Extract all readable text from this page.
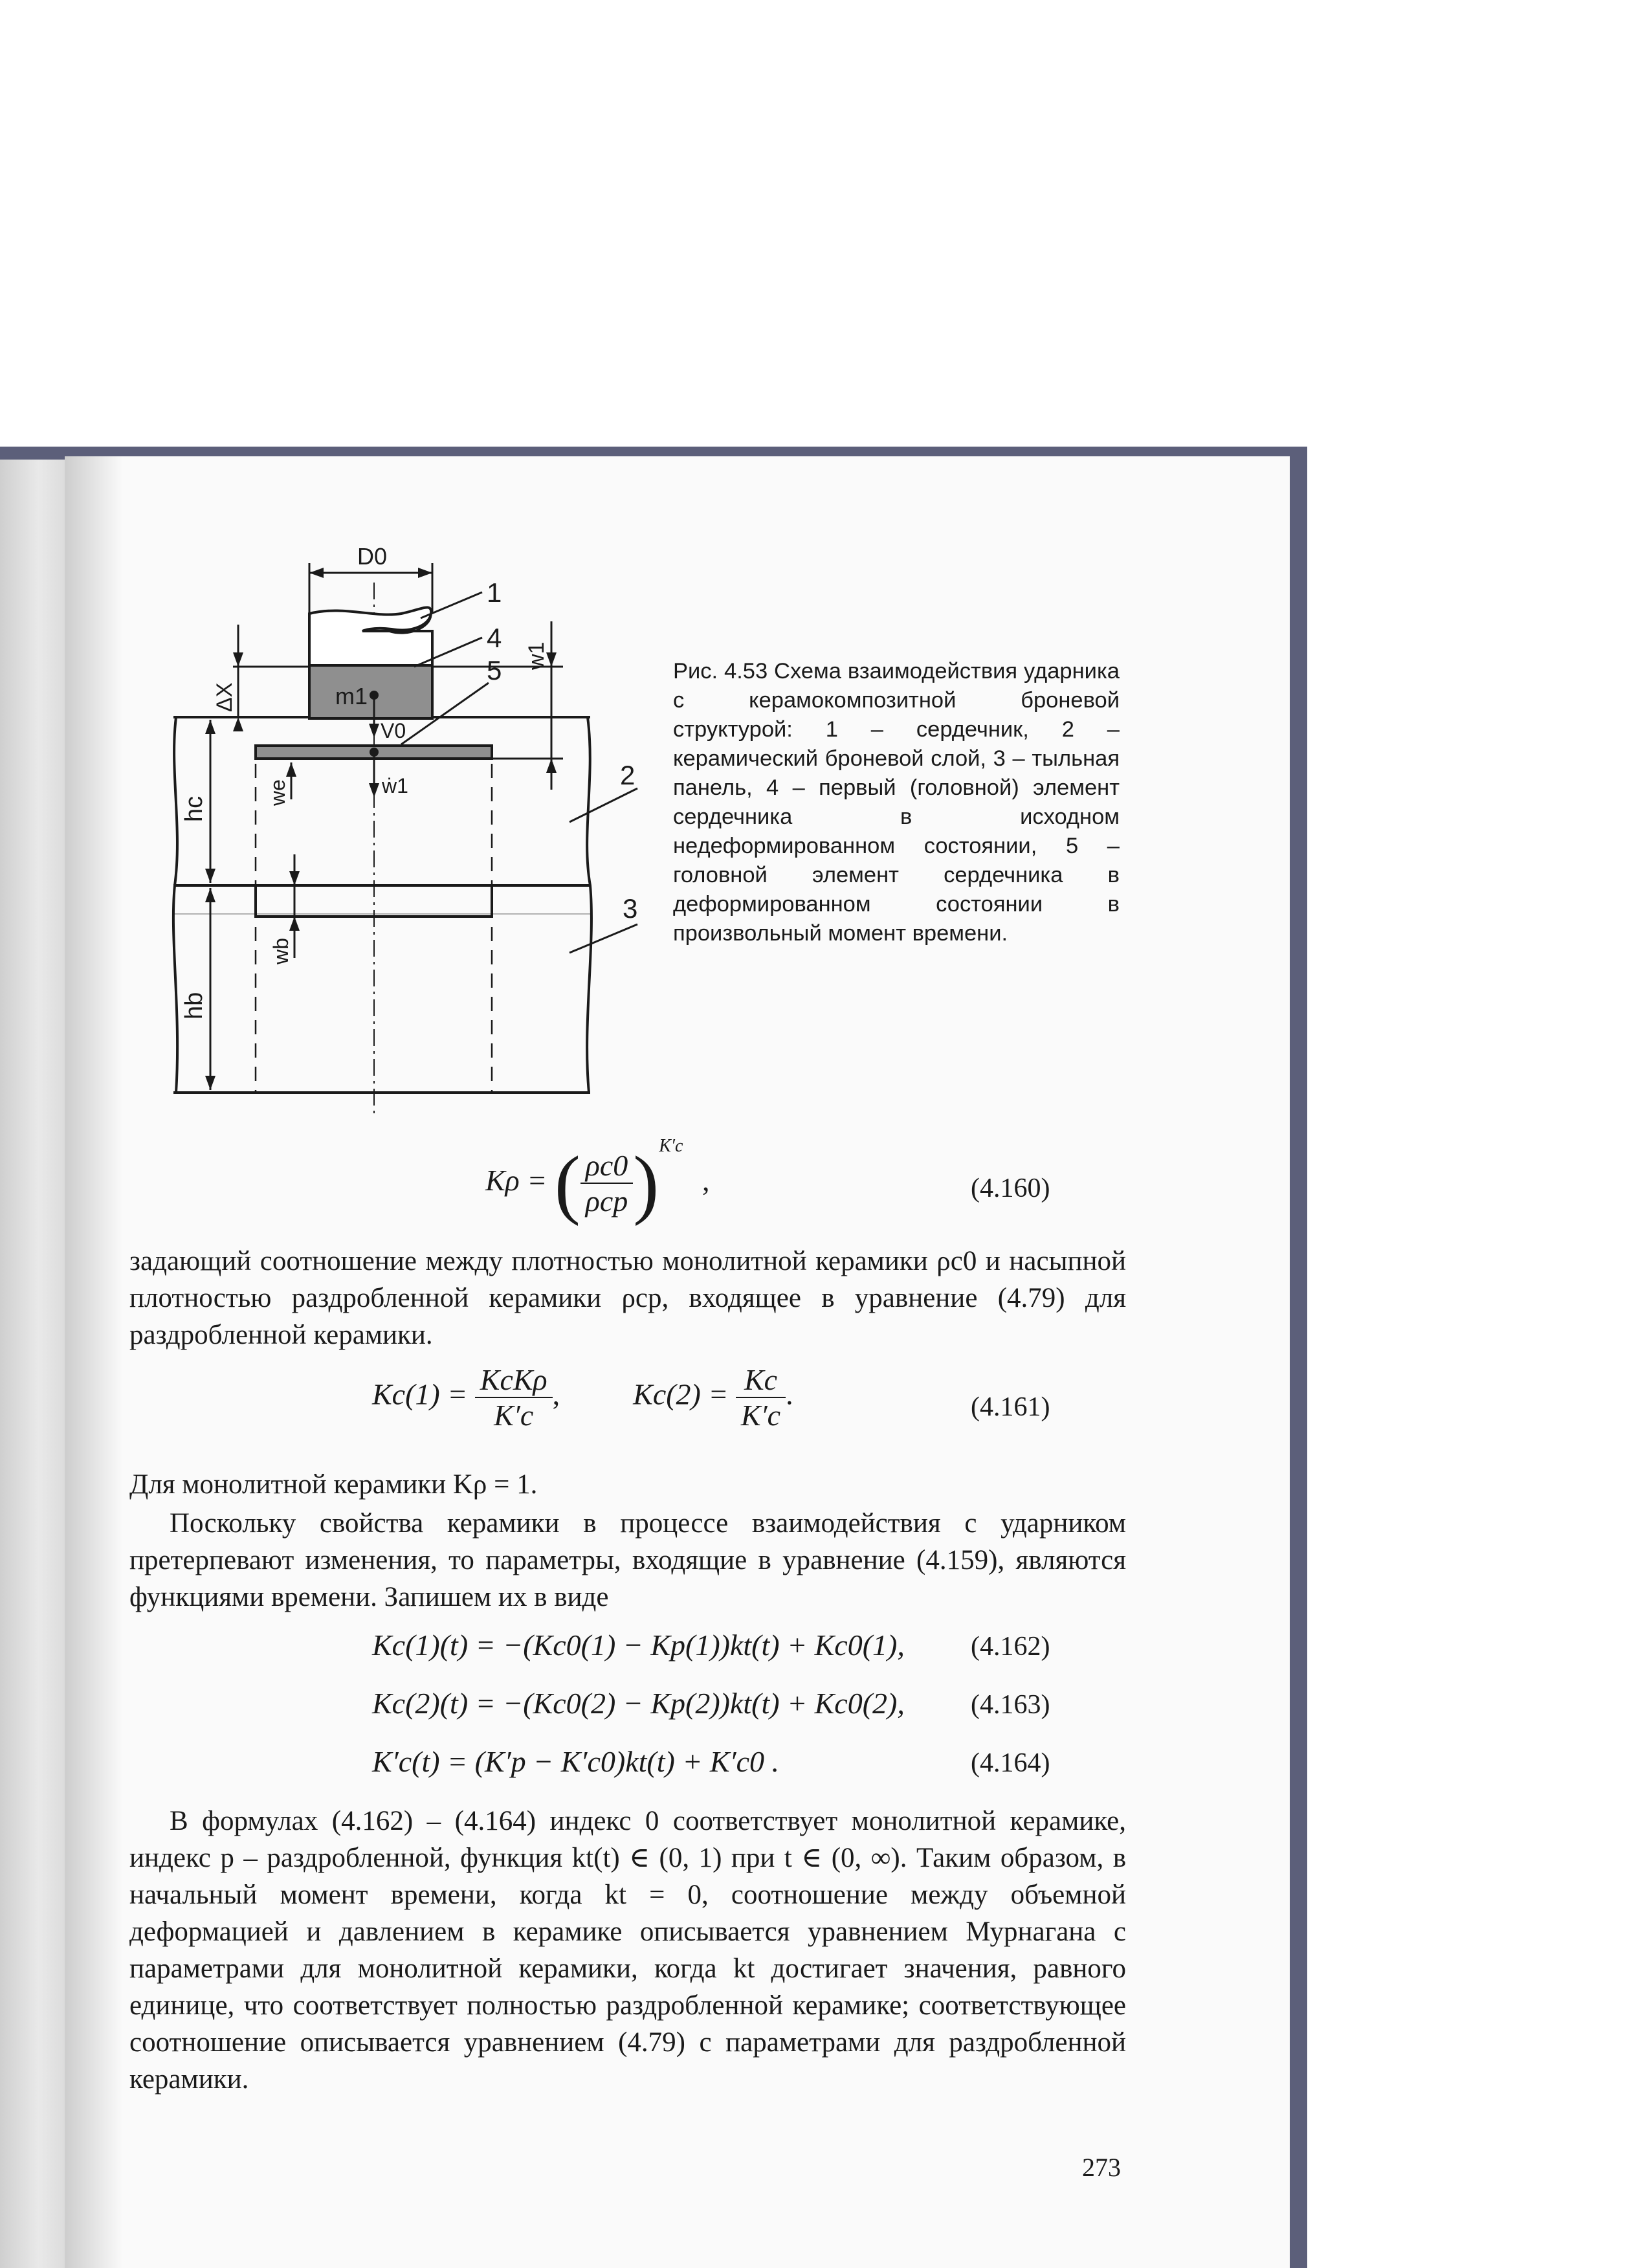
D0
ΔX
w1
m1
V0
ẇ1
we
wb
hc
hb
1
4
5
2
3
Рис. 4.53 Схема взаимодействия ударника с керамокомпозитной броневой структурой: 1 – сердечник, 2 – керамический броневой слой, 3 – тыльная панель, 4 – первый (головной) элемент сердечника в исходном недеформированном состоянии, 5 – головной элемент сердечника в деформированном состоянии в произвольный момент времени.
Kρ = ( $\frac{\rho c0}{\text{ρcp}} )^{K'c}$ ,	(4.160)
задающий соотношение между плотностью монолитной керамики ρc0 и насыпной плотностью раздробленной керамики ρcp, входящее в уравнение (4.79) для раздробленной керамики.
$Kc(1) = \frac{\text{KcKρ}}{K'c}$ , $Kc(2) = \frac{Kc}{K'c}$ .	(4.161)
Для монолитной керамики Kρ = 1.
Поскольку свойства керамики в процессе взаимодействия с ударником претерпевают изменения, то параметры, входящие в уравнение (4.159), являются функциями времени. Запишем их в виде
Kc(1)(t) = −(Kc0(1) − Kp(1))kt(t) + Kc0(1), (4.162)
Kc(2)(t) = −(Kc0(2) − Kp(2))kt(t) + Kc0(2), (4.163)
K′c(t) = (K′p − K′c0)kt(t) + K′c0 .	(4.164)
В формулах (4.162) – (4.164) индекс 0 соответствует монолитной керамике, индекс p – раздробленной, функция kt(t) ∈ (0, 1) при t ∈ (0, ∞). Таким образом, в начальный момент времени, когда kt = 0, соотношение между объемной деформацией и давлением в керамике описывается уравнением Мурнагана с параметрами для монолитной керамики, когда kt достигает значения, равного единице, что соответствует полностью раздробленной керамике; соответствующее соотношение описывается уравнением (4.79) с параметрами для раздробленной керамики.
273
